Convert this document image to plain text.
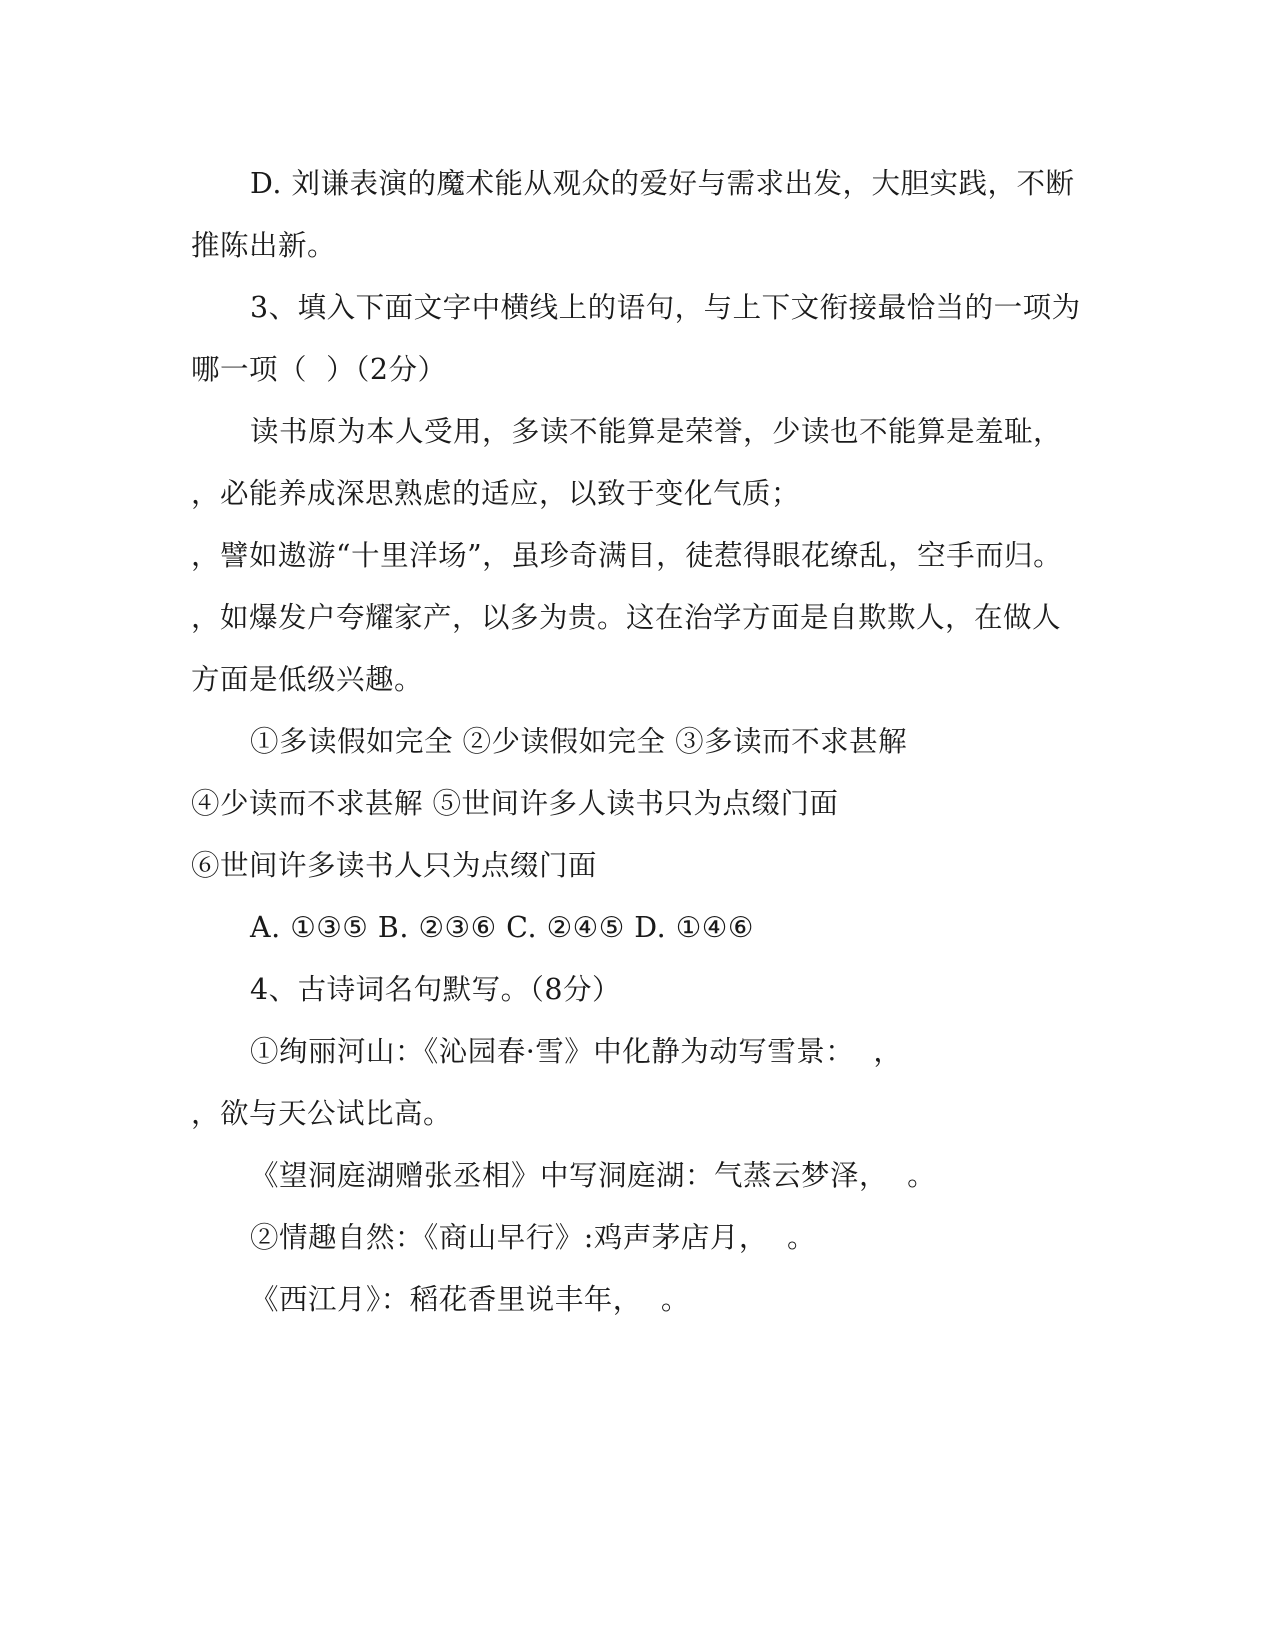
D. 刘谦表演的魔术能从观众的爱好与需求出发，大胆实践，不断
推陈出新。
3、填入下面文字中横线上的语句，与上下文衔接最恰当的一项为
哪一项（  ）（2分）
读书原为本人受用，多读不能算是荣誉，少读也不能算是羞耻，
，必能养成深思熟虑的适应，以致于变化气质；
，譬如遨游“十里洋场”，虽珍奇满目，徒惹得眼花缭乱，空手而归。
，如爆发户夸耀家产，以多为贵。这在治学方面是自欺欺人，在做人
方面是低级兴趣。
①多读假如完全 ②少读假如完全 ③多读而不求甚解
④少读而不求甚解 ⑤世间许多人读书只为点缀门面
⑥世间许多读书人只为点缀门面
A. ①③⑤ B. ②③⑥ C. ②④⑤ D. ①④⑥
4、古诗词名句默写。（8分）
①绚丽河山：《沁园春·雪》中化静为动写雪景：  ，
，欲与天公试比高。
《望洞庭湖赠张丞相》中写洞庭湖：气蒸云梦泽，  。
②情趣自然：《商山早行》:鸡声茅店月，  。
《西江月》：稻花香里说丰年，  。
